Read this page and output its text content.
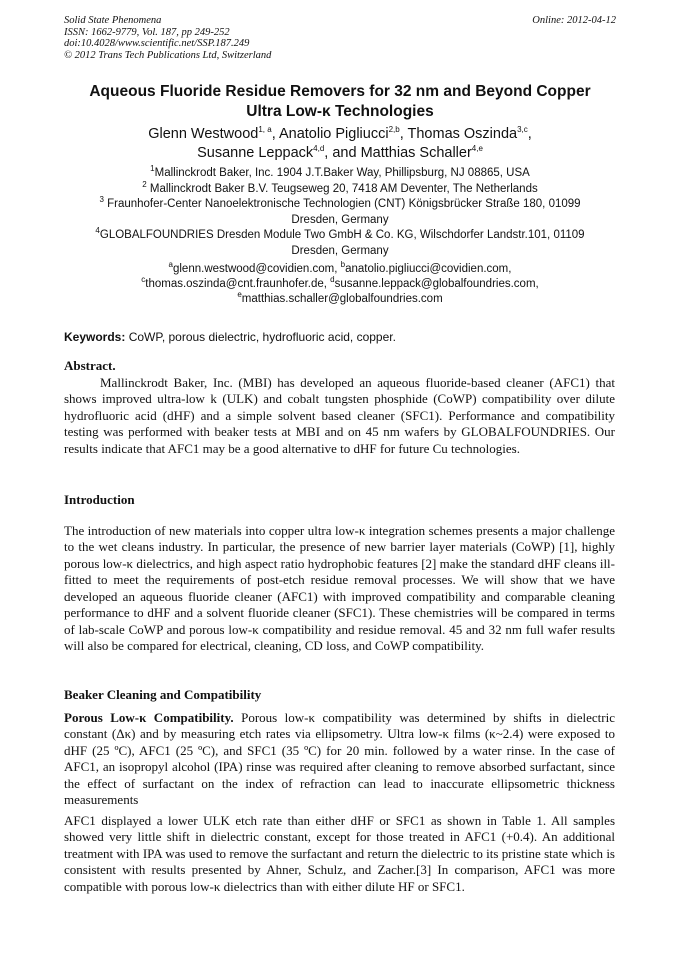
Solid State Phenomena
ISSN: 1662-9779, Vol. 187, pp 249-252
doi:10.4028/www.scientific.net/SSP.187.249
© 2012 Trans Tech Publications Ltd, Switzerland
Online: 2012-04-12
Aqueous Fluoride Residue Removers for 32 nm and Beyond Copper
Ultra Low-κ Technologies
Glenn Westwood$^{1, a}$, Anatolio Pigliucci$^{2,b}$, Thomas Oszinda$^{3,c}$,
Susanne Leppack$^{4,d}$, and Matthias Schaller$^{4,e}$
$^1$Mallinckrodt Baker, Inc. 1904 J.T.Baker Way, Phillipsburg, NJ 08865, USA
$^2$ Mallinckrodt Baker B.V. Teugseweg 20, 7418 AM Deventer, The Netherlands
$^3$ Fraunhofer-Center Nanoelektronische Technologien (CNT) Königsbrücker Straße 180, 01099
Dresden, Germany
$^4$GLOBALFOUNDRIES Dresden Module Two GmbH & Co. KG, Wilschdorfer Landstr.101, 01109
Dresden, Germany
$^a$glenn.westwood@covidien.com, $^b$anatolio.pigliucci@covidien.com,
$^c$thomas.oszinda@cnt.fraunhofer.de, $^d$susanne.leppack@globalfoundries.com,
$^e$matthias.schaller@globalfoundries.com
Keywords: CoWP, porous dielectric, hydrofluoric acid, copper.

Abstract.

Mallinckrodt Baker, Inc. (MBI) has developed an aqueous fluoride-based cleaner (AFC1) that shows improved ultra-low k (ULK) and cobalt tungsten phosphide (CoWP) compatibility over dilute hydrofluoric acid (dHF) and a simple solvent based cleaner (SFC1). Performance and compatibility testing was performed with beaker tests at MBI and on 45 nm wafers by GLOBALFOUNDRIES. Our results indicate that AFC1 may be a good alternative to dHF for future Cu technologies.

Introduction

The introduction of new materials into copper ultra low-κ integration schemes presents a major challenge to the wet cleans industry. In particular, the presence of new barrier layer materials (CoWP) [1], highly porous low-κ dielectrics, and high aspect ratio hydrophobic features [2] make the standard dHF cleans ill-fitted to meet the requirements of post-etch residue removal processes. We will show that we have developed an aqueous fluoride cleaner (AFC1) with improved compatibility and comparable cleaning performance to dHF and a solvent fluoride cleaner (SFC1). These chemistries will be compared in terms of lab-scale CoWP and porous low-κ compatibility and residue removal. 45 and 32 nm full wafer results will also be compared for electrical, cleaning, CD loss, and CoWP compatibility.

Beaker Cleaning and Compatibility

Porous Low-κ Compatibility. Porous low-κ compatibility was determined by shifts in dielectric constant (Δκ) and by measuring etch rates via ellipsometry. Ultra low-κ films (κ~2.4) were exposed to dHF (25 ºC), AFC1 (25 ºC), and SFC1 (35 ºC) for 20 min. followed by a water rinse. In the case of AFC1, an isopropyl alcohol (IPA) rinse was required after cleaning to remove absorbed surfactant, since the effect of surfactant on the index of refraction can lead to inaccurate ellipsometric thickness measurements

AFC1 displayed a lower ULK etch rate than either dHF or SFC1 as shown in Table 1. All samples showed very little shift in dielectric constant, except for those treated in AFC1 (+0.4). An additional treatment with IPA was used to remove the surfactant and return the dielectric to its pristine state which is consistent with results presented by Ahner, Schulz, and Zacher.[3] In comparison, AFC1 was more compatible with porous low-κ dielectrics than with either dilute HF or SFC1.
